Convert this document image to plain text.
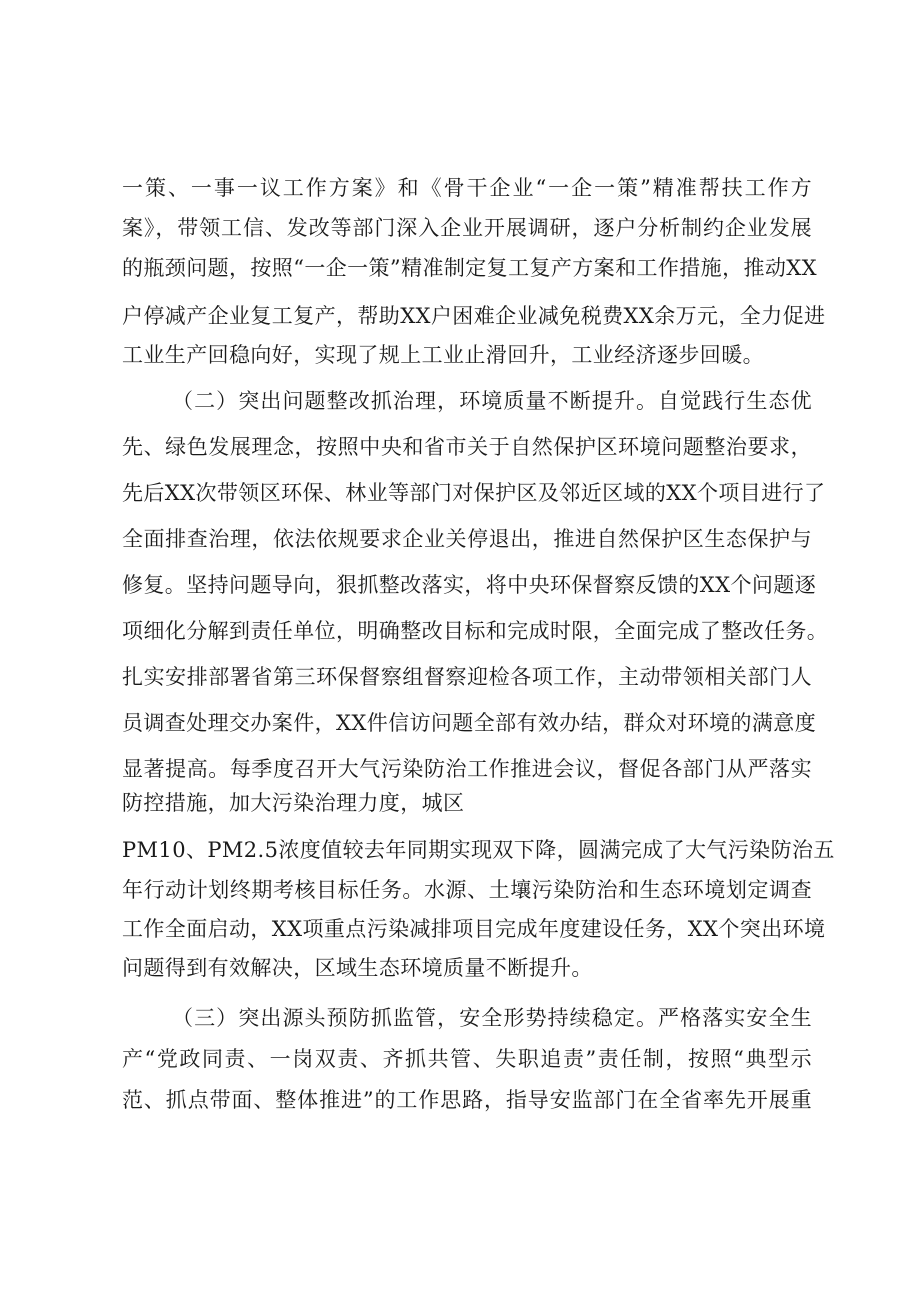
一策、一事一议工作方案》和《骨干企业“一企一策”精准帮扶工作方
案》，带领工信、发改等部门深入企业开展调研，逐户分析制约企业发展
的瓶颈问题，按照“一企一策”精准制定复工复产方案和工作措施，推动XX
户停减产企业复工复产，帮助XX户困难企业减免税费XX余万元，全力促进
工业生产回稳向好，实现了规上工业止滑回升，工业经济逐步回暖。
（二）突出问题整改抓治理，环境质量不断提升。自觉践行生态优
先、绿色发展理念，按照中央和省市关于自然保护区环境问题整治要求，
先后XX次带领区环保、林业等部门对保护区及邻近区域的XX个项目进行了
全面排查治理，依法依规要求企业关停退出，推进自然保护区生态保护与
修复。坚持问题导向，狠抓整改落实，将中央环保督察反馈的XX个问题逐
项细化分解到责任单位，明确整改目标和完成时限，全面完成了整改任务。
扎实安排部署省第三环保督察组督察迎检各项工作，主动带领相关部门人
员调查处理交办案件，XX件信访问题全部有效办结，群众对环境的满意度
显著提高。每季度召开大气污染防治工作推进会议，督促各部门从严落实
防控措施，加大污染治理力度，城区
PM10、PM2.5浓度值较去年同期实现双下降，圆满完成了大气污染防治五
年行动计划终期考核目标任务。水源、土壤污染防治和生态环境划定调查
工作全面启动，XX项重点污染减排项目完成年度建设任务，XX个突出环境
问题得到有效解决，区域生态环境质量不断提升。
（三）突出源头预防抓监管，安全形势持续稳定。严格落实安全生
产“党政同责、一岗双责、齐抓共管、失职追责”责任制，按照“典型示
范、抓点带面、整体推进”的工作思路，指导安监部门在全省率先开展重
